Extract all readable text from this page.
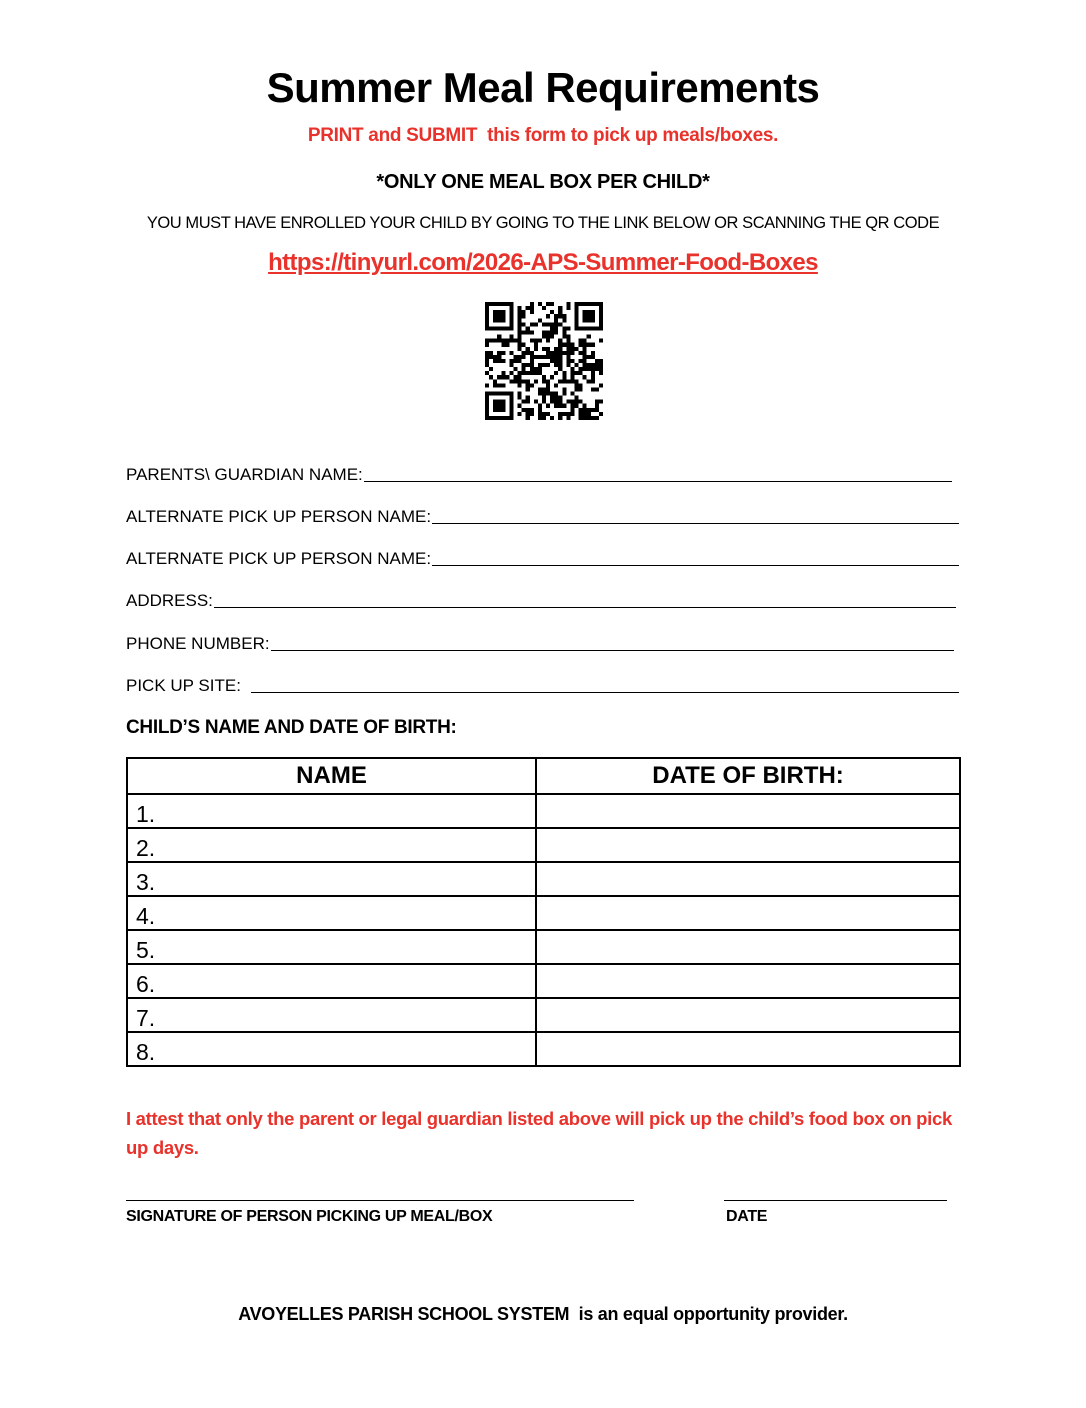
Summer Meal Requirements
PRINT and SUBMIT  this form to pick up meals/boxes.
*ONLY ONE MEAL BOX PER CHILD*
YOU MUST HAVE ENROLLED YOUR CHILD BY GOING TO THE LINK BELOW OR SCANNING THE QR CODE
https://tinyurl.com/2026-APS-Summer-Food-Boxes
PARENTS\ GUARDIAN NAME:
ALTERNATE PICK UP PERSON NAME:
ALTERNATE PICK UP PERSON NAME:
ADDRESS:
PHONE NUMBER:
PICK UP SITE:
CHILD’S NAME AND DATE OF BIRTH:
NAME	DATE OF BIRTH:
1.	
2.	
3.	
4.	
5.	
6.	
7.	
8.	
I attest that only the parent or legal guardian listed above will pick up the child’s food box on pick up days.
SIGNATURE OF PERSON PICKING UP MEAL/BOX	DATE
AVOYELLES PARISH SCHOOL SYSTEM  is an equal opportunity provider.
